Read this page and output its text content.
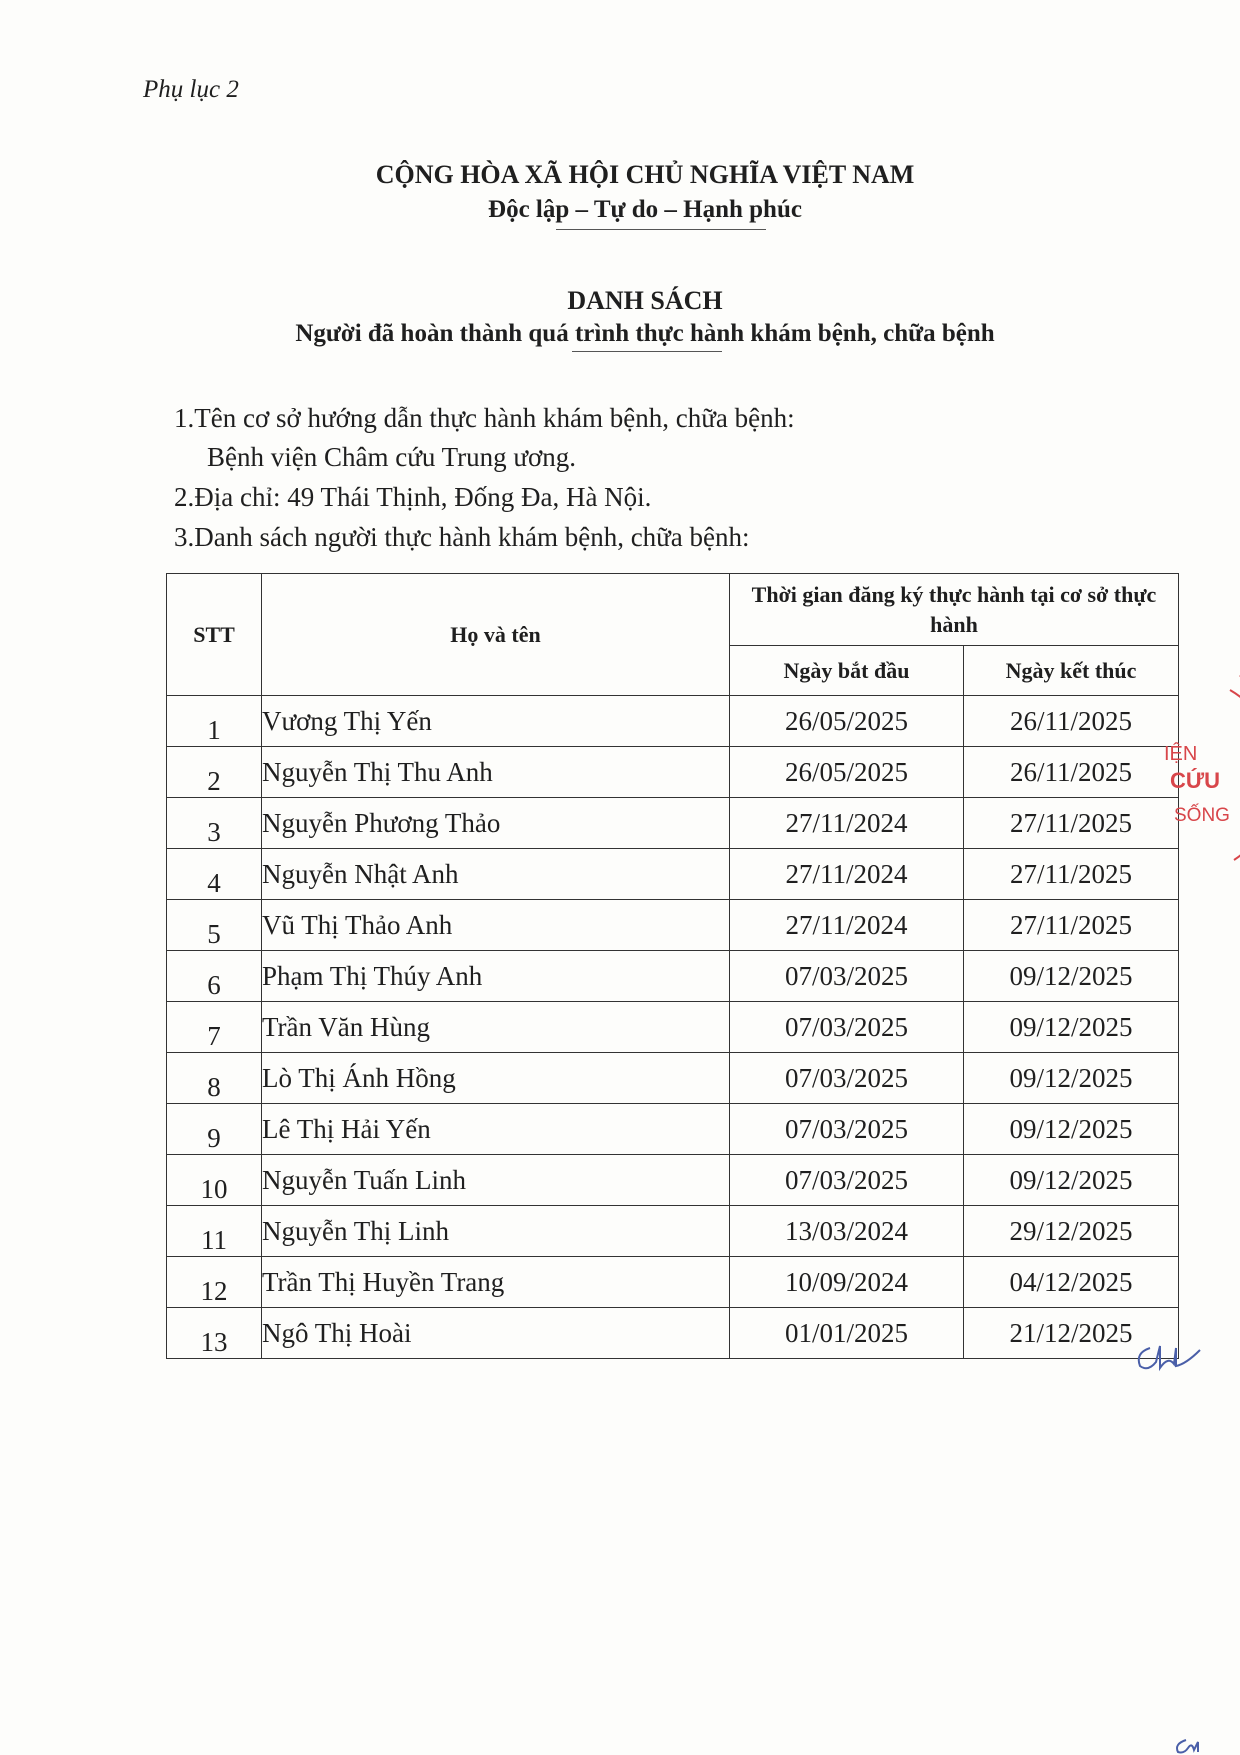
Phụ lục 2
CỘNG HÒA XÃ HỘI CHỦ NGHĨA VIỆT NAM
Độc lập – Tự do – Hạnh phúc
DANH SÁCH
Người đã hoàn thành quá trình thực hành khám bệnh, chữa bệnh
1.Tên cơ sở hướng dẫn thực hành khám bệnh, chữa bệnh:
Bệnh viện Châm cứu Trung ương.
2.Địa chỉ: 49 Thái Thịnh, Đống Đa, Hà Nội.
3.Danh sách người thực hành khám bệnh, chữa bệnh:
STT	Họ và tên	Thời gian đăng ký thực hành tại cơ sở thực hành	
		Ngày bắt đầu	Ngày kết thúc
1	Vương Thị Yến	26/05/2025	26/11/2025
2	Nguyễn Thị Thu Anh	26/05/2025	26/11/2025
3	Nguyễn Phương Thảo	27/11/2024	27/11/2025
4	Nguyễn Nhật Anh	27/11/2024	27/11/2025
5	Vũ Thị Thảo Anh	27/11/2024	27/11/2025
6	Phạm Thị Thúy Anh	07/03/2025	09/12/2025
7	Trần Văn Hùng	07/03/2025	09/12/2025
8	Lò Thị Ánh Hồng	07/03/2025	09/12/2025
9	Lê Thị Hải Yến	07/03/2025	09/12/2025
10	Nguyễn Tuấn Linh	07/03/2025	09/12/2025
11	Nguyễn Thị Linh	13/03/2024	29/12/2025
12	Trần Thị Huyền Trang	10/09/2024	04/12/2025
13	Ngô Thị Hoài	01/01/2025	21/12/2025
IỆN
CỨU
SỐNG
